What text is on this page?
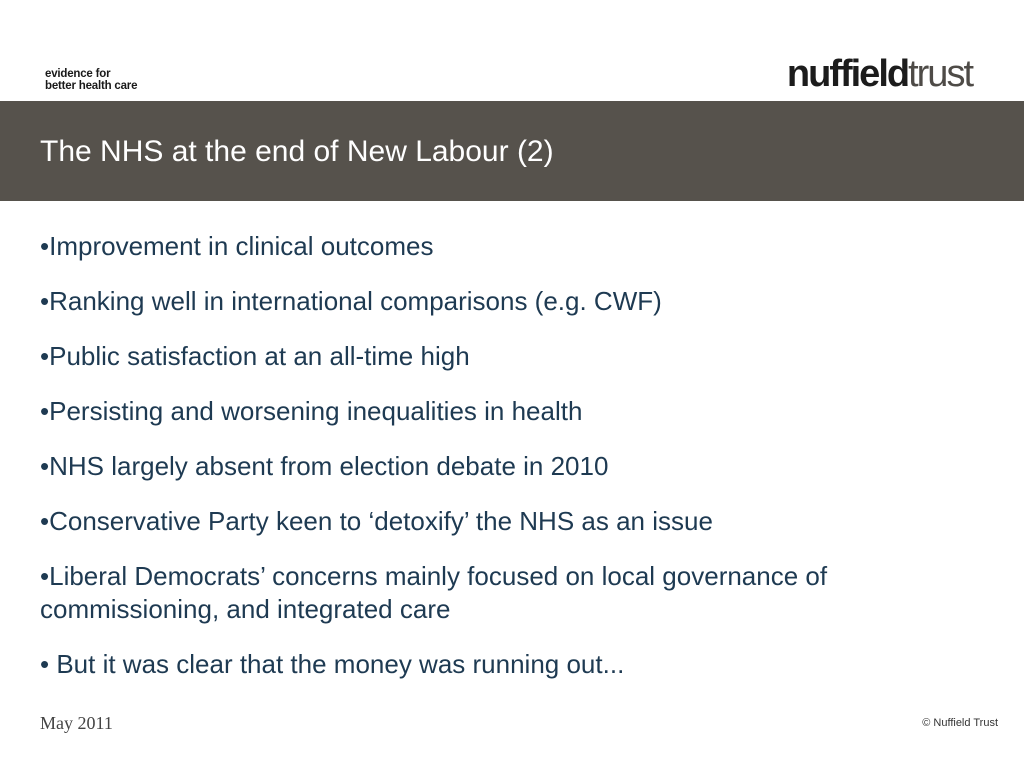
evidence for
better health care	nuffieldtrust
The NHS at the end of New Labour (2)
•Improvement in clinical outcomes
•Ranking well in international comparisons (e.g. CWF)
•Public satisfaction at an all-time high
•Persisting and worsening inequalities in health
•NHS largely absent from election debate in 2010
•Conservative Party keen to ‘detoxify’ the NHS as an issue
•Liberal Democrats’ concerns mainly focused on local governance of commissioning, and integrated care
• But it was clear that the money was running out...
May 2011	© Nuffield Trust
